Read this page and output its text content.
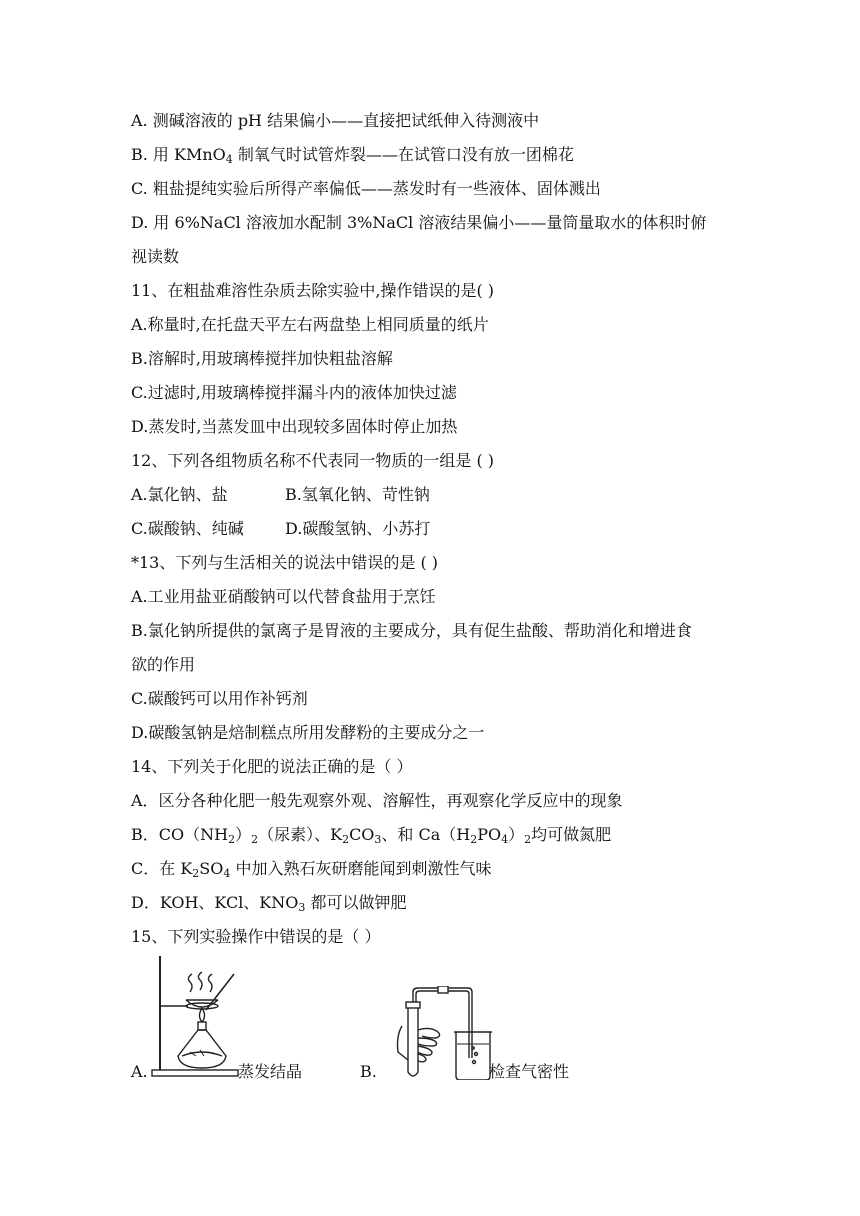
A. 测碱溶液的 pH 结果偏小——直接把试纸伸入待测液中
B. 用 KMnO$_4$ 制氧气时试管炸裂——在试管口没有放一团棉花
C. 粗盐提纯实验后所得产率偏低——蒸发时有一些液体、固体溅出
D. 用 6%NaCl 溶液加水配制 3%NaCl 溶液结果偏小——量筒量取水的体积时俯
视读数
11、在粗盐难溶性杂质去除实验中,操作错误的是( )
A.称量时,在托盘天平左右两盘垫上相同质量的纸片
B.溶解时,用玻璃棒搅拌加快粗盐溶解
C.过滤时,用玻璃棒搅拌漏斗内的液体加快过滤
D.蒸发时,当蒸发皿中出现较多固体时停止加热
12、下列各组物质名称不代表同一物质的一组是 ( )
A.氯化钠、盐	B.氢氧化钠、苛性钠
C.碳酸钠、纯碱	D.碳酸氢钠、小苏打
*13、下列与生活相关的说法中错误的是 ( )
A.工业用盐亚硝酸钠可以代替食盐用于烹饪
B.氯化钠所提供的氯离子是胃液的主要成分，具有促生盐酸、帮助消化和增进食
欲的作用
C.碳酸钙可以用作补钙剂
D.碳酸氢钠是焙制糕点所用发酵粉的主要成分之一
14、下列关于化肥的说法正确的是（ ）
A．区分各种化肥一般先观察外观、溶解性，再观察化学反应中的现象
B．$CO(NH_2)_2$（尿素）、$K_2CO_3$、和 $Ca(H_2PO_4)_2$均可做氮肥
C．在 $K_2SO_4$ 中加入熟石灰研磨能闻到刺激性气味
D．KOH、KCl、$KNO_3$ 都可以做钾肥
15、下列实验操作中错误的是（ ）
A.	蒸发结晶	B.	检查气密性
